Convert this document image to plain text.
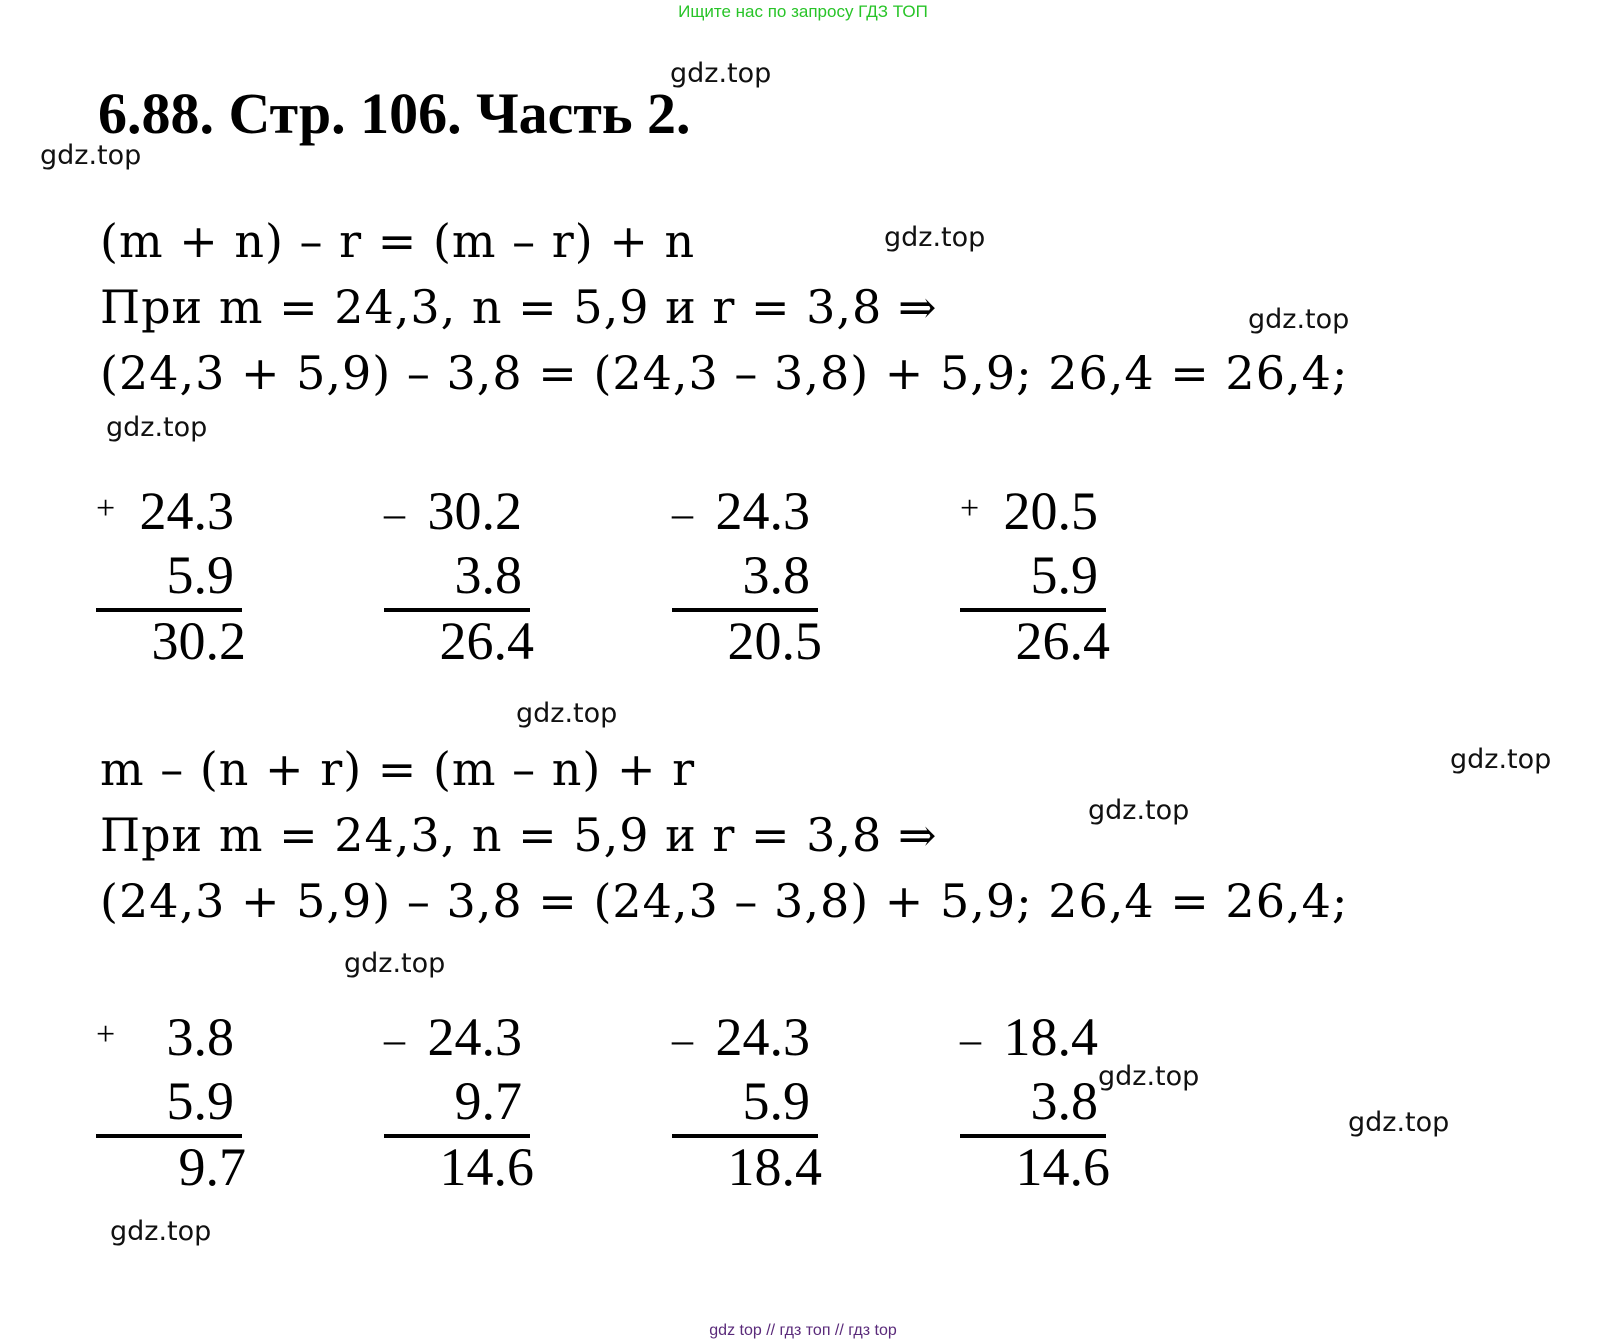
Ищите нас по запросу ГДЗ ТОП
6.88. Стр. 106. Часть 2.
gdz.top
gdz.top
gdz.top
gdz.top
gdz.top
gdz.top
gdz.top
gdz.top
gdz.top
gdz.top
gdz.top
gdz.top
(m + n) – r = (m – r) + n
При m = 24,3, n = 5,9 и r = 3,8 ⇒
(24,3 + 5,9) – 3,8 = (24,3 – 3,8) + 5,9; 26,4 = 26,4;
+ 24.3
5.9
30.2
_ 30.2
3.8
26.4
_ 24.3
3.8
20.5
+ 20.5
5.9
26.4
m – (n + r) = (m – n) + r
При m = 24,3, n = 5,9 и r = 3,8 ⇒
(24,3 + 5,9) – 3,8 = (24,3 – 3,8) + 5,9; 26,4 = 26,4;
+ 3.8
5.9
9.7
_ 24.3
9.7
14.6
_ 24.3
5.9
18.4
_ 18.4
3.8
14.6
gdz top // гдз топ // гдз top
